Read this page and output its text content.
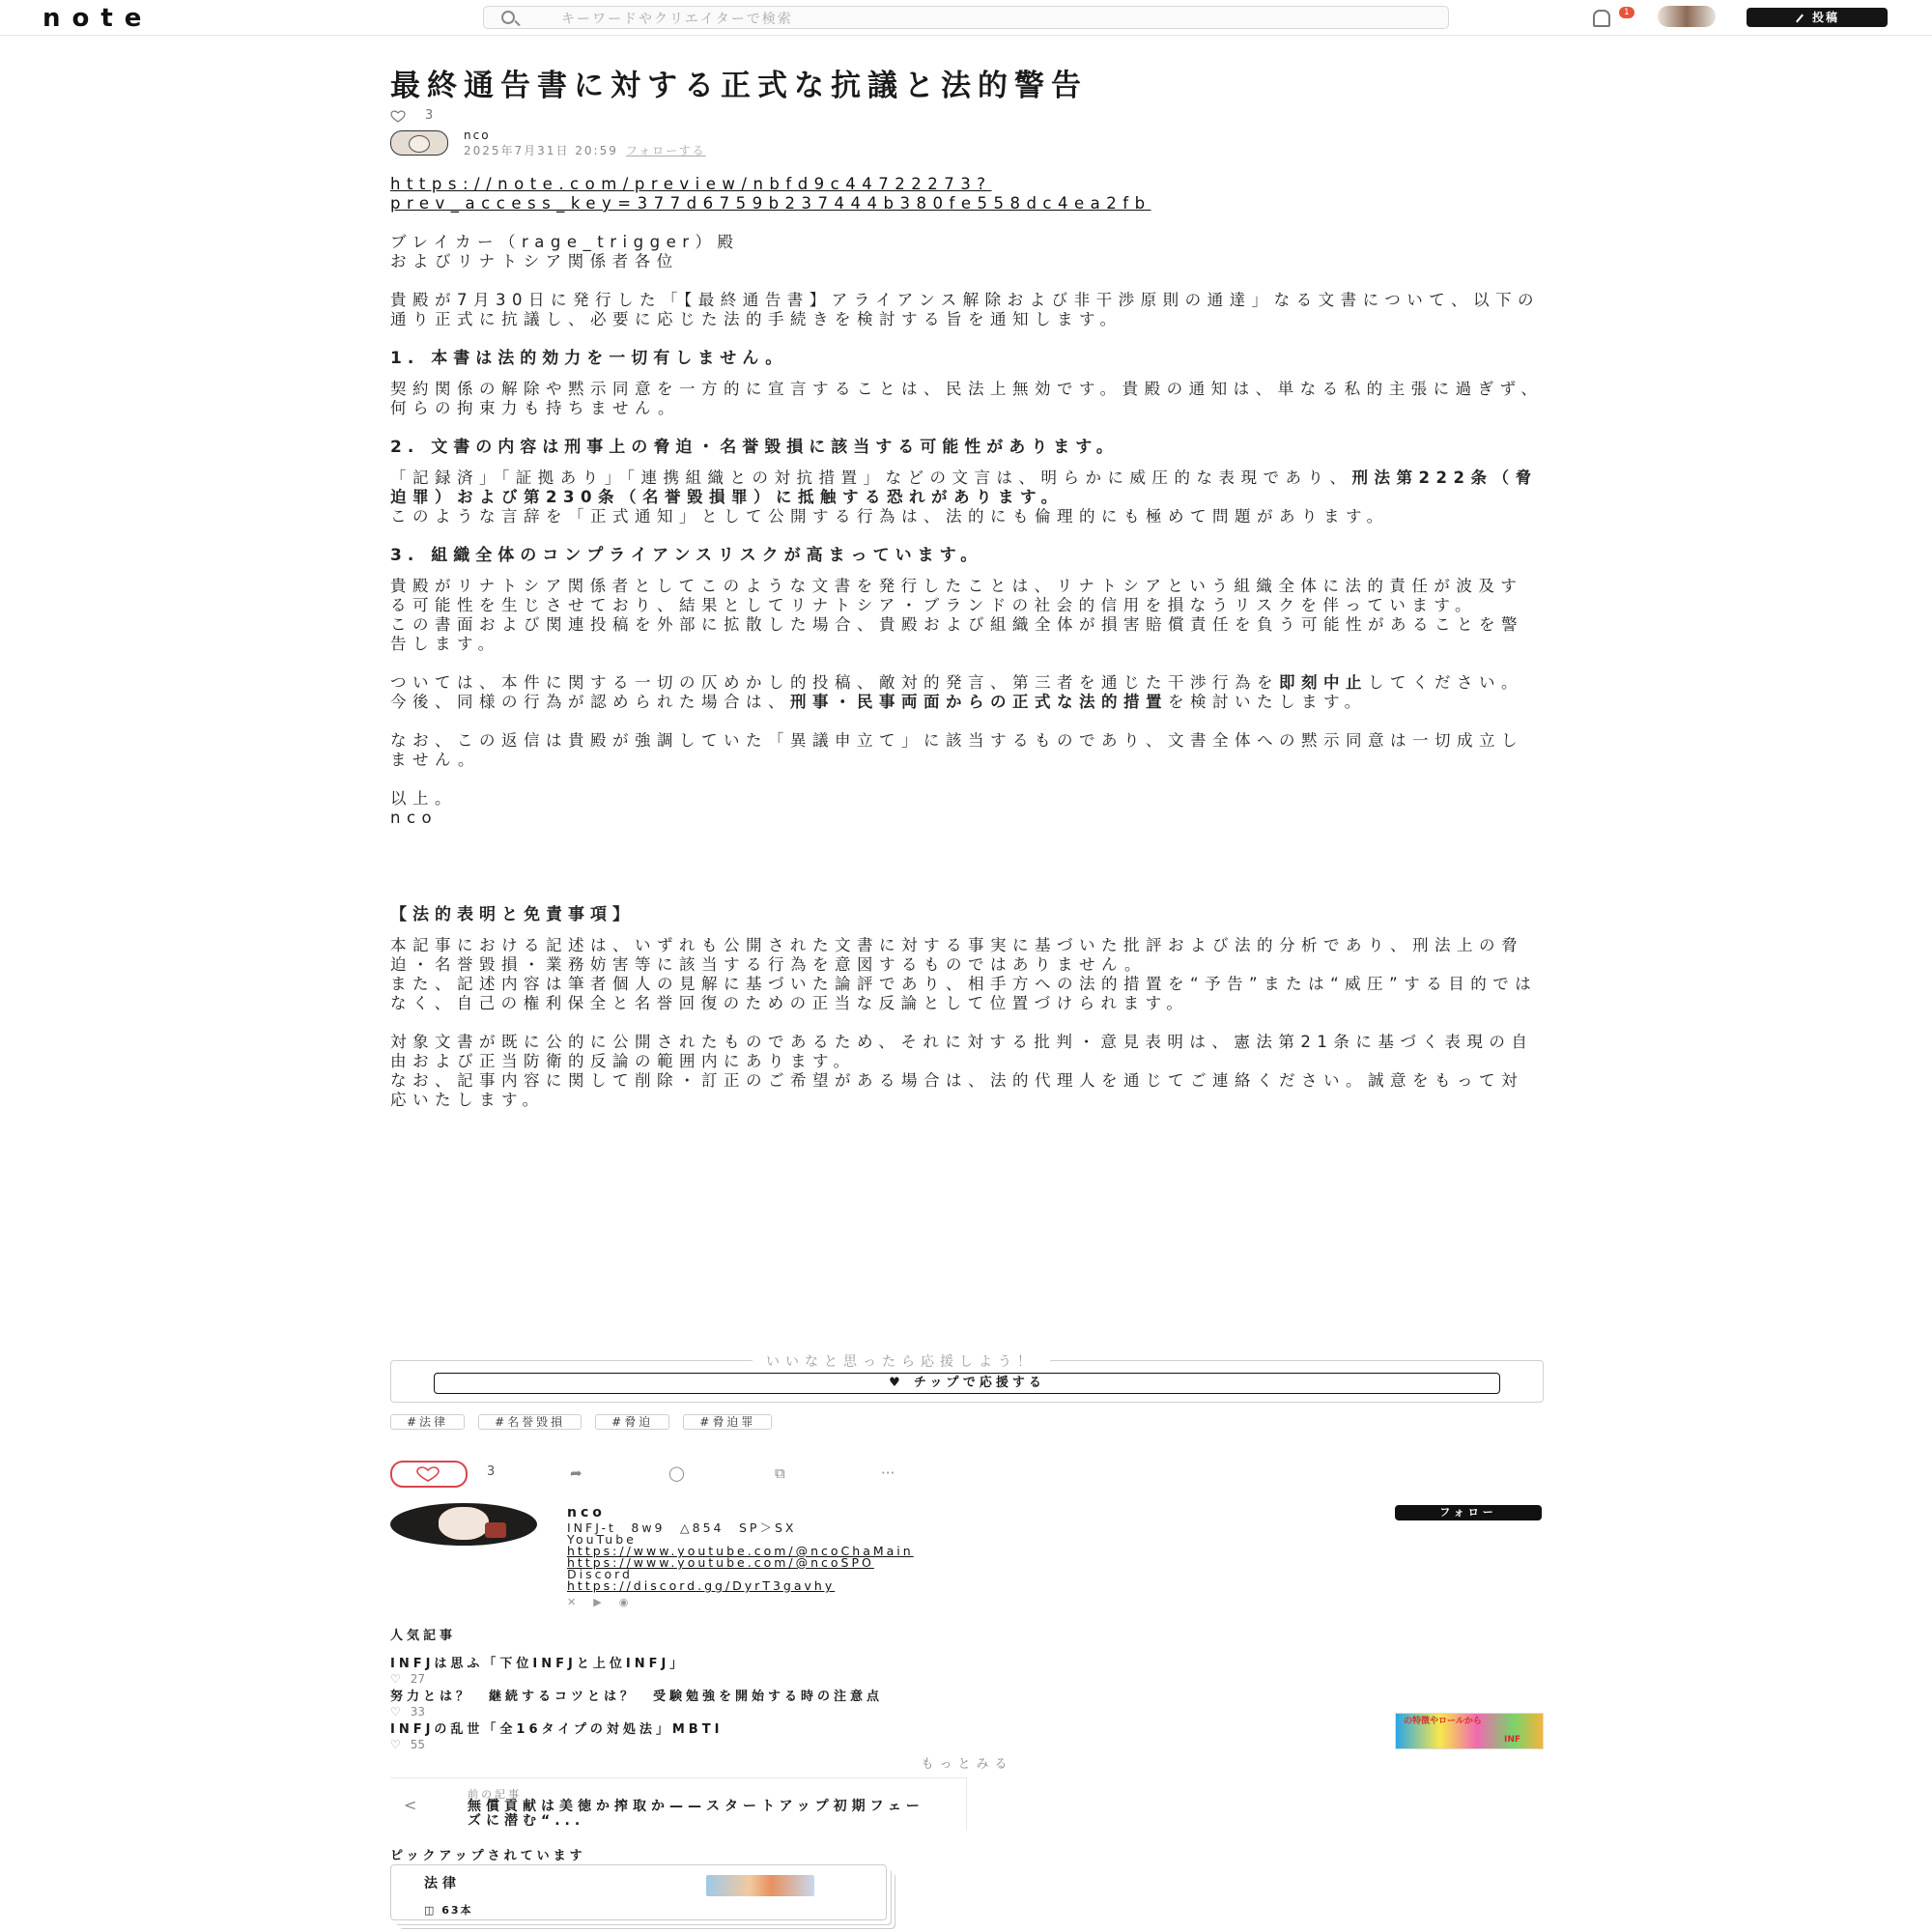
note	キーワードやクリエイターで検索	1	投稿
最終通告書に対する正式な抗議と法的警告
3
nco
2025年7月31日 20:59 フォローする

https://note.com/preview/nbfd9c44722273?
prev_access_key=377d6759b237444b380fe558dc4ea2fb

ブレイカー（rage_trigger）殿
およびリナトシア関係者各位

貴殿が7月30日に発行した「【最終通告書】アライアンス解除および非干渉原則の通達」なる文書について、以下の通り正式に抗議し、必要に応じた法的手続きを検討する旨を通知します。

1. 本書は法的効力を一切有しません。

契約関係の解除や黙示同意を一方的に宣言することは、民法上無効です。貴殿の通知は、単なる私的主張に過ぎず、何らの拘束力も持ちません。

2. 文書の内容は刑事上の脅迫・名誉毀損に該当する可能性があります。

「記録済」「証拠あり」「連携組織との対抗措置」などの文言は、明らかに威圧的な表現であり、刑法第222条（脅迫罪）および第230条（名誉毀損罪）に抵触する恐れがあります。
このような言辞を「正式通知」として公開する行為は、法的にも倫理的にも極めて問題があります。

3. 組織全体のコンプライアンスリスクが高まっています。

貴殿がリナトシア関係者としてこのような文書を発行したことは、リナトシアという組織全体に法的責任が波及する可能性を生じさせており、結果としてリナトシア・ブランドの社会的信用を損なうリスクを伴っています。
この書面および関連投稿を外部に拡散した場合、貴殿および組織全体が損害賠償責任を負う可能性があることを警告します。

ついては、本件に関する一切の仄めかし的投稿、敵対的発言、第三者を通じた干渉行為を即刻中止してください。
今後、同様の行為が認められた場合は、刑事・民事両面からの正式な法的措置を検討いたします。

なお、この返信は貴殿が強調していた「異議申立て」に該当するものであり、文書全体への黙示同意は一切成立しません。

以上。
nco

【法的表明と免責事項】

本記事における記述は、いずれも公開された文書に対する事実に基づいた批評および法的分析であり、刑法上の脅迫・名誉毀損・業務妨害等に該当する行為を意図するものではありません。
また、記述内容は筆者個人の見解に基づいた論評であり、相手方への法的措置を“予告”または“威圧”する目的ではなく、自己の権利保全と名誉回復のための正当な反論として位置づけられます。

対象文書が既に公的に公開されたものであるため、それに対する批判・意見表明は、憲法第21条に基づく表現の自由および正当防衛的反論の範囲内にあります。
なお、記事内容に関して削除・訂正のご希望がある場合は、法的代理人を通じてご連絡ください。誠意をもって対応いたします。

いいなと思ったら応援しよう！
♥ チップで応援する
#法律	#名誉毀損	#脅迫	#脅迫罪
3	➦	◯	⧉	···
nco
INFJ-t　8w9　△854　SP＞SX
YouTube
https://www.youtube.com/@ncoChaMain
https://www.youtube.com/@ncoSPO
Discord
https://discord.gg/DyrT3gavhy
✕▶◉
フォロー
人気記事
INFJは思ふ「下位INFJと上位INFJ」
♡ 27
努力とは？　継続するコツとは？　受験勉強を開始する時の注意点
♡ 33
INFJの乱世「全16タイプの対処法」MBTI
♡ 55
の特徴やロールから
INF
もっとみる
<
前の記事
無償貢献は美徳か搾取か——スタートアップ初期フェーズに潜む“...
ピックアップされています
法律
◫ 63本
